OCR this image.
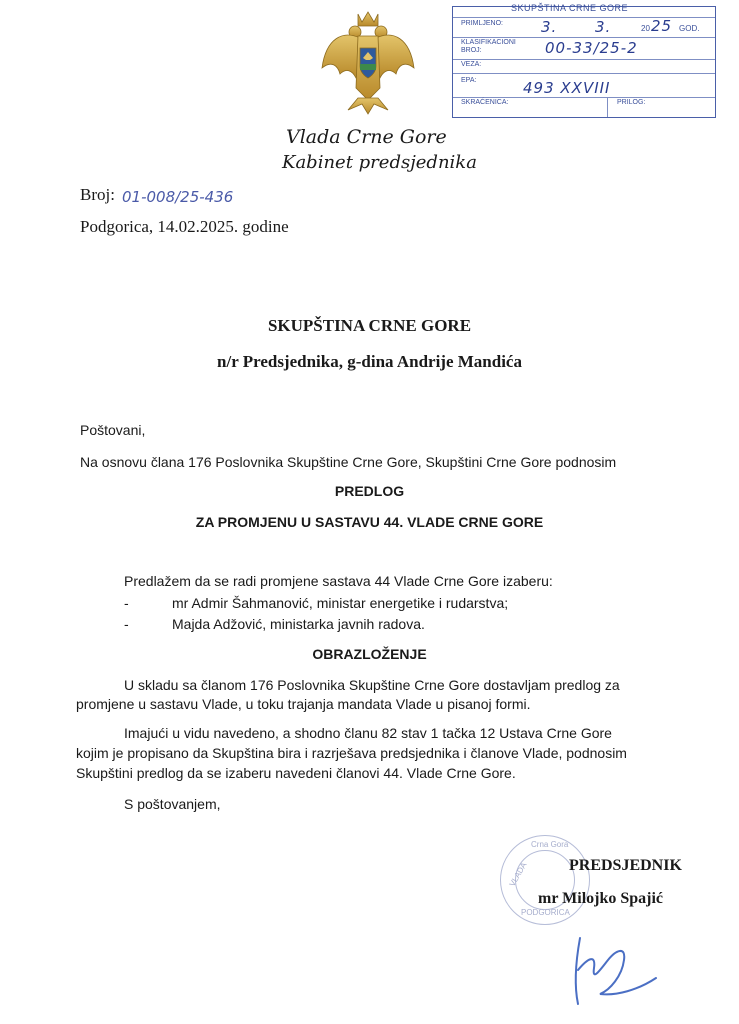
SKUPŠTINA CRNE GORE
PRIMLJENO:	3.	3.	20 25 GOD.
KLASIFIKACIONI BROJ:	00-33/25-2
VEZA:
EPA:	493 XXVIII
SKRAĆENICA:	PRILOG:
Vlada Crne Gore
Kabinet predsjednika
Broj: 01-008/25-436
Podgorica, 14.02.2025. godine
SKUPŠTINA CRNE GORE
n/r Predsjednika, g-dina Andrije Mandića
Poštovani,
Na osnovu člana 176 Poslovnika Skupštine Crne Gore, Skupštini Crne Gore podnosim
PREDLOG
ZA PROMJENU U SASTAVU 44. VLADE CRNE GORE
Predlažem da se radi promjene sastava 44 Vlade Crne Gore izaberu:
-	mr Admir Šahmanović, ministar energetike i rudarstva;
-	Majda Adžović, ministarka javnih radova.
OBRAZLOŽENJE
U skladu sa članom 176 Poslovnika Skupštine Crne Gore dostavljam predlog za
promjene u sastavu Vlade, u toku trajanja mandata Vlade u pisanoj formi.
Imajući u vidu navedeno, a shodno članu 82 stav 1 tačka 12 Ustava Crne Gore
kojim je propisano da Skupština bira i razrješava predsjednika i članove Vlade, podnosim
Skupštini predlog da se izaberu navedeni članovi 44. Vlade Crne Gore.
S poštovanjem,
Crna Gora
VLADA
PODGORICA
PREDSJEDNIK
mr Milojko Spajić
